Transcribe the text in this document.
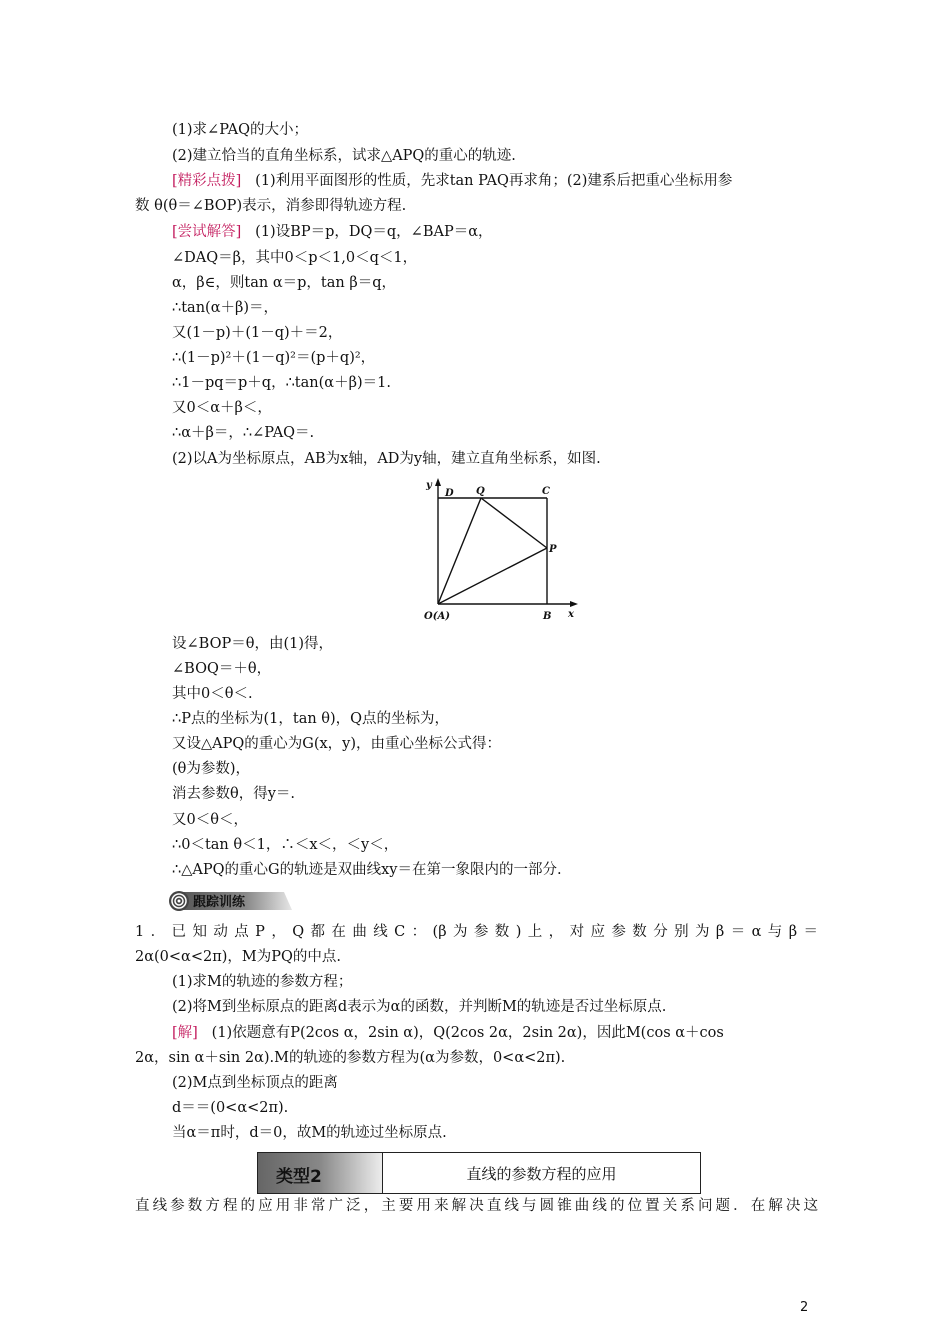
(1)求∠PAQ的大小；
(2)建立恰当的直角坐标系，试求△APQ的重心的轨迹.
[精彩点拨] (1)利用平面图形的性质，先求tan PAQ再求角；(2)建系后把重心坐标用参
数 θ(θ＝∠BOP)表示，消参即得轨迹方程.
[尝试解答] (1)设BP＝p，DQ＝q，∠BAP＝α，
∠DAQ＝β，其中0＜p＜1,0＜q＜1，
α，β∈，则tan α＝p，tan β＝q，
∴tan(α＋β)＝，
又(1－p)＋(1－q)＋＝2，
∴(1－p)²＋(1－q)²＝(p＋q)²，
∴1－pq＝p＋q，∴tan(α＋β)＝1.
又0＜α＋β＜，
∴α＋β＝，∴∠PAQ＝.
(2)以A为坐标原点，AB为x轴，AD为y轴，建立直角坐标系，如图.
y
D Q	C
P
O(A)	B x
设∠BOP＝θ，由(1)得，
∠BOQ＝＋θ，
其中0＜θ＜.
∴P点的坐标为(1，tan θ)，Q点的坐标为，
又设△APQ的重心为G(x，y)，由重心坐标公式得：
(θ为参数)，
消去参数θ，得y＝.
又0＜θ＜，
∴0＜tan θ＜1，∴＜x＜，＜y＜，
∴△APQ的重心G的轨迹是双曲线xy＝在第一象限内的一部分.
跟踪训练
1．已知动点P，Q都在曲线C：(β为参数)上，对应参数分别为β＝α与β＝
2α(0<α<2π)，M为PQ的中点.
(1)求M的轨迹的参数方程；
(2)将M到坐标原点的距离d表示为α的函数，并判断M的轨迹是否过坐标原点.
[解] (1)依题意有P(2cos α，2sin α)，Q(2cos 2α，2sin 2α)，因此M(cos α＋cos
2α，sin α＋sin 2α).M的轨迹的参数方程为(α为参数，0<α<2π).
(2)M点到坐标顶点的距离
d＝＝(0<α<2π).
当α＝π时，d＝0，故M的轨迹过坐标原点.
类型2	直线的参数方程的应用
直线参数方程的应用非常广泛，主要用来解决直线与圆锥曲线的位置关系问题．在解决这
2
